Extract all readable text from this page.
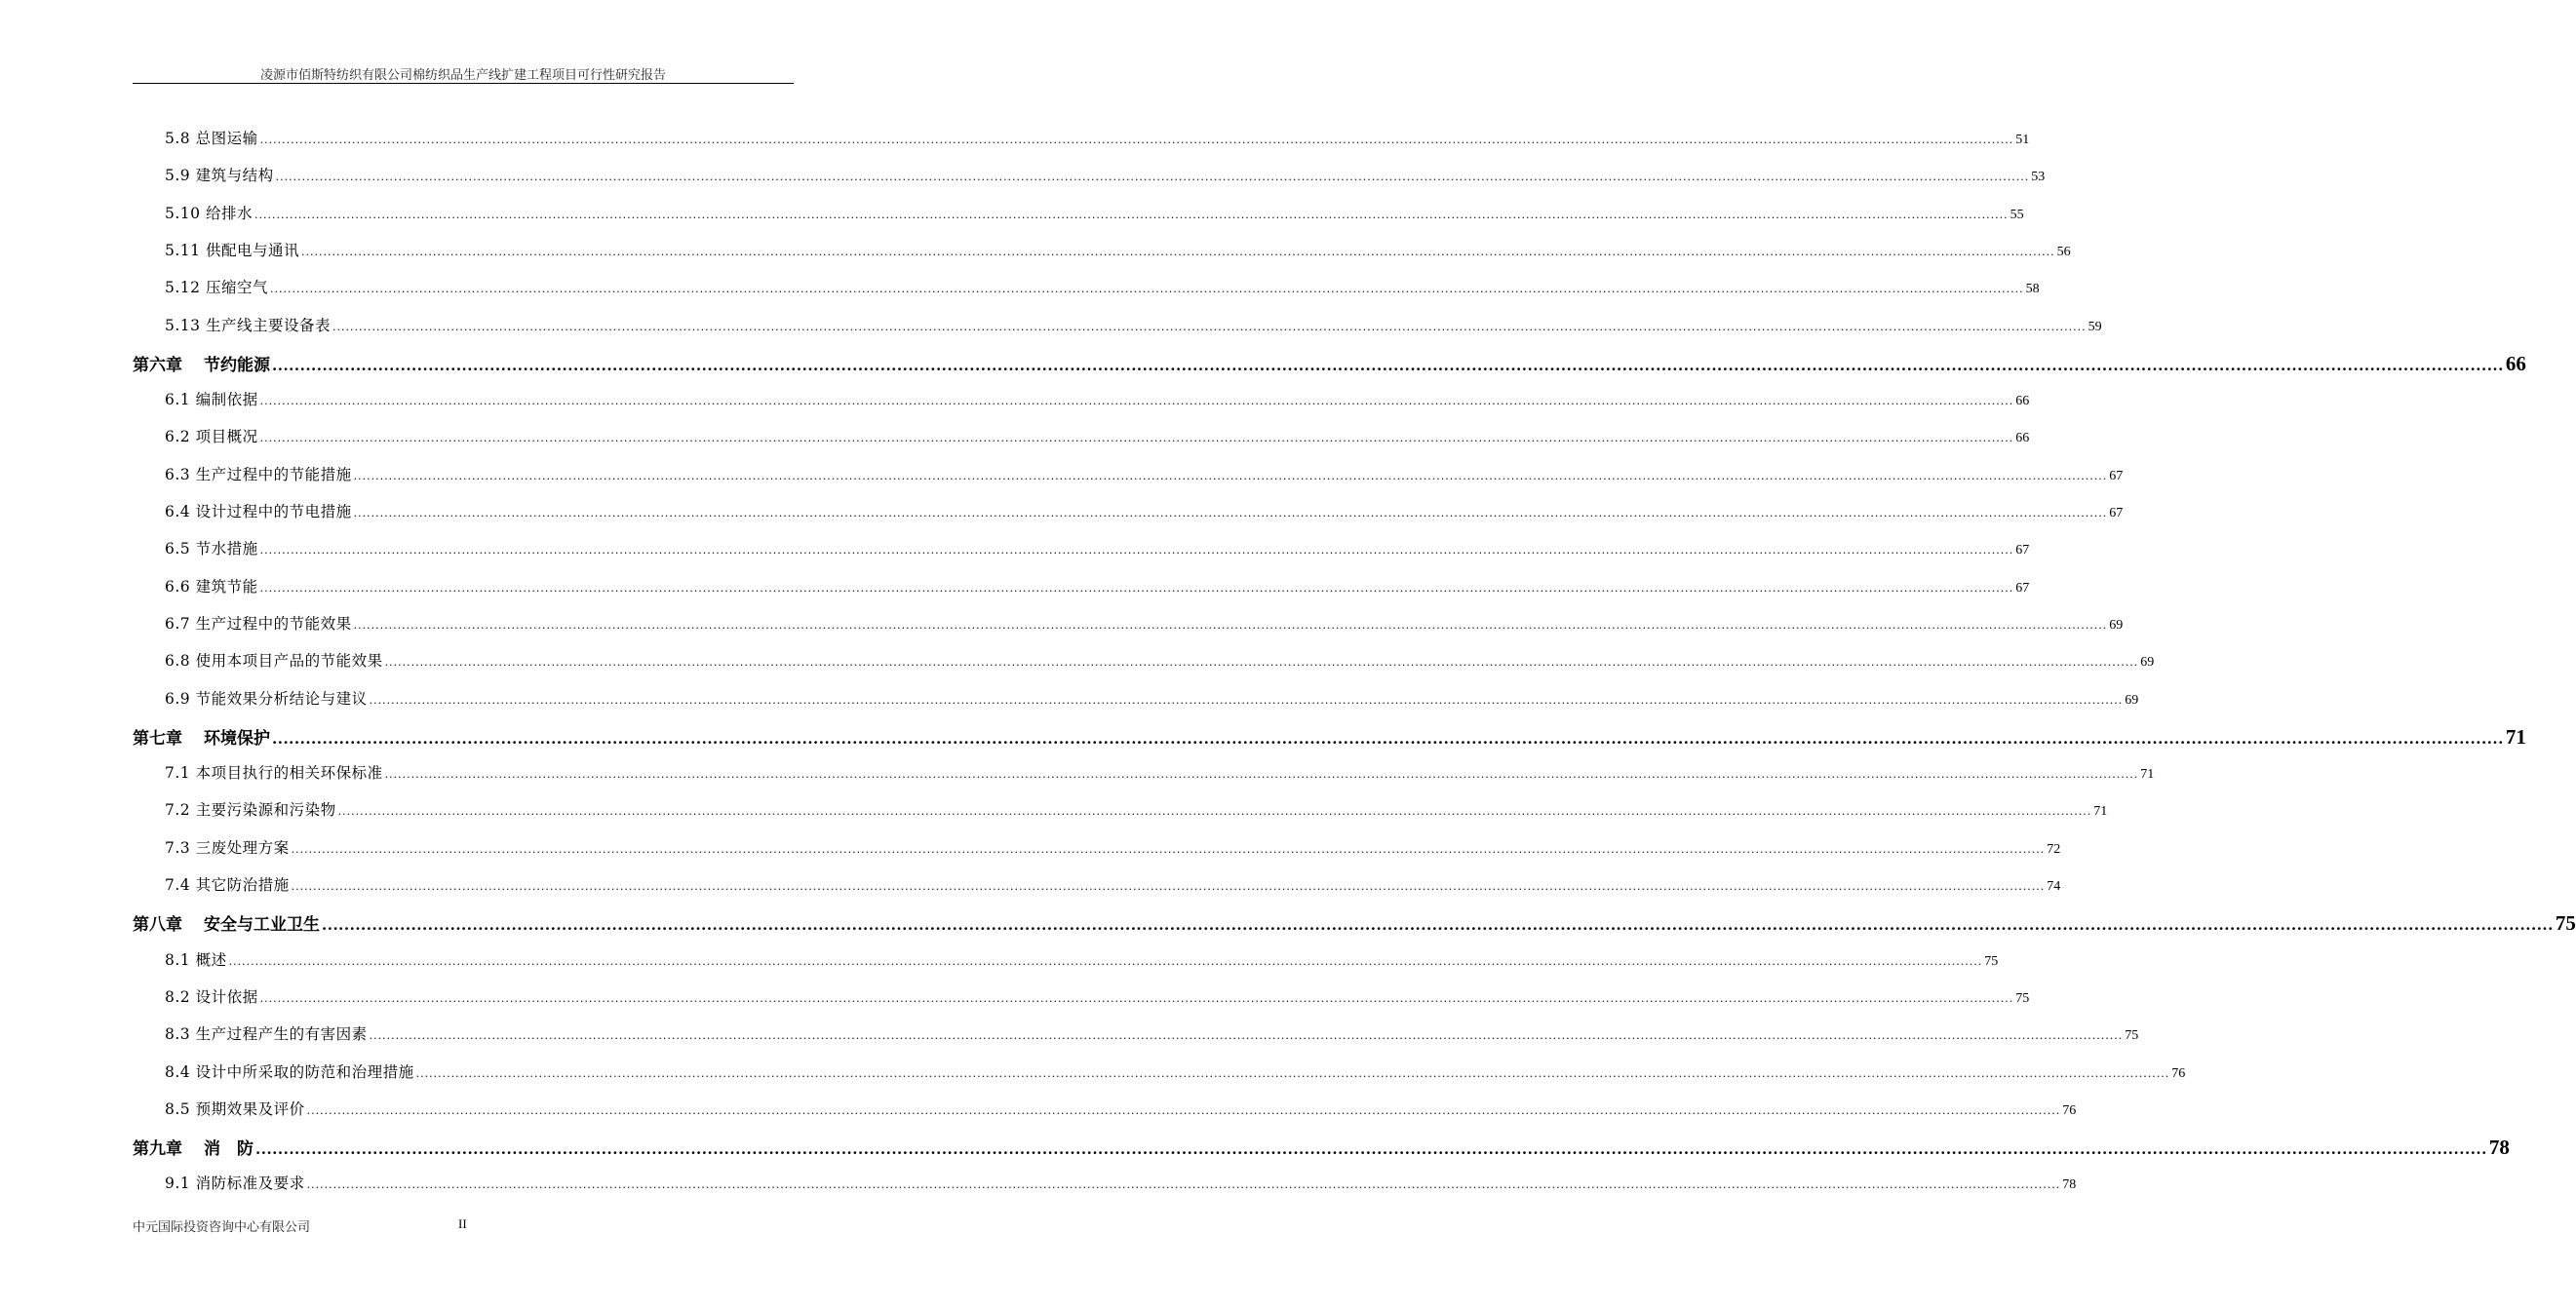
凌源市佰斯特纺织有限公司棉纺织品生产线扩建工程项目可行性研究报告
5.8 总图运输 ................................................................................................................................................................................................................................................................................................................................................................................................................ 51
5.9 建筑与结构 ................................................................................................................................................................................................................................................................................................................................................................................................................ 53
5.10 给排水 ................................................................................................................................................................................................................................................................................................................................................................................................................ 55
5.11 供配电与通讯 ................................................................................................................................................................................................................................................................................................................................................................................................................ 56
5.12 压缩空气 ................................................................................................................................................................................................................................................................................................................................................................................................................ 58
5.13 生产线主要设备表 ................................................................................................................................................................................................................................................................................................................................................................................................................ 59
第六章 节约能源 ................................................................................................................................................................................................................................................................................................................................................................................................................ 66
6.1 编制依据 ................................................................................................................................................................................................................................................................................................................................................................................................................ 66
6.2 项目概况 ................................................................................................................................................................................................................................................................................................................................................................................................................ 66
6.3 生产过程中的节能措施 ................................................................................................................................................................................................................................................................................................................................................................................................................ 67
6.4 设计过程中的节电措施 ................................................................................................................................................................................................................................................................................................................................................................................................................ 67
6.5 节水措施 ................................................................................................................................................................................................................................................................................................................................................................................................................ 67
6.6 建筑节能 ................................................................................................................................................................................................................................................................................................................................................................................................................ 67
6.7 生产过程中的节能效果 ................................................................................................................................................................................................................................................................................................................................................................................................................ 69
6.8 使用本项目产品的节能效果 ................................................................................................................................................................................................................................................................................................................................................................................................................ 69
6.9 节能效果分析结论与建议 ................................................................................................................................................................................................................................................................................................................................................................................................................ 69
第七章 环境保护 ................................................................................................................................................................................................................................................................................................................................................................................................................ 71
7.1 本项目执行的相关环保标准 ................................................................................................................................................................................................................................................................................................................................................................................................................ 71
7.2 主要污染源和污染物 ................................................................................................................................................................................................................................................................................................................................................................................................................ 71
7.3 三废处理方案 ................................................................................................................................................................................................................................................................................................................................................................................................................ 72
7.4 其它防治措施 ................................................................................................................................................................................................................................................................................................................................................................................................................ 74
第八章 安全与工业卫生 ................................................................................................................................................................................................................................................................................................................................................................................................................ 75
8.1 概述 ................................................................................................................................................................................................................................................................................................................................................................................................................ 75
8.2 设计依据 ................................................................................................................................................................................................................................................................................................................................................................................................................ 75
8.3 生产过程产生的有害因素 ................................................................................................................................................................................................................................................................................................................................................................................................................ 75
8.4 设计中所采取的防范和治理措施 ................................................................................................................................................................................................................................................................................................................................................................................................................ 76
8.5 预期效果及评价 ................................................................................................................................................................................................................................................................................................................................................................................................................ 76
第九章 消　防 ................................................................................................................................................................................................................................................................................................................................................................................................................ 78
9.1 消防标准及要求 ................................................................................................................................................................................................................................................................................................................................................................................................................ 78
中元国际投资咨询中心有限公司	II
